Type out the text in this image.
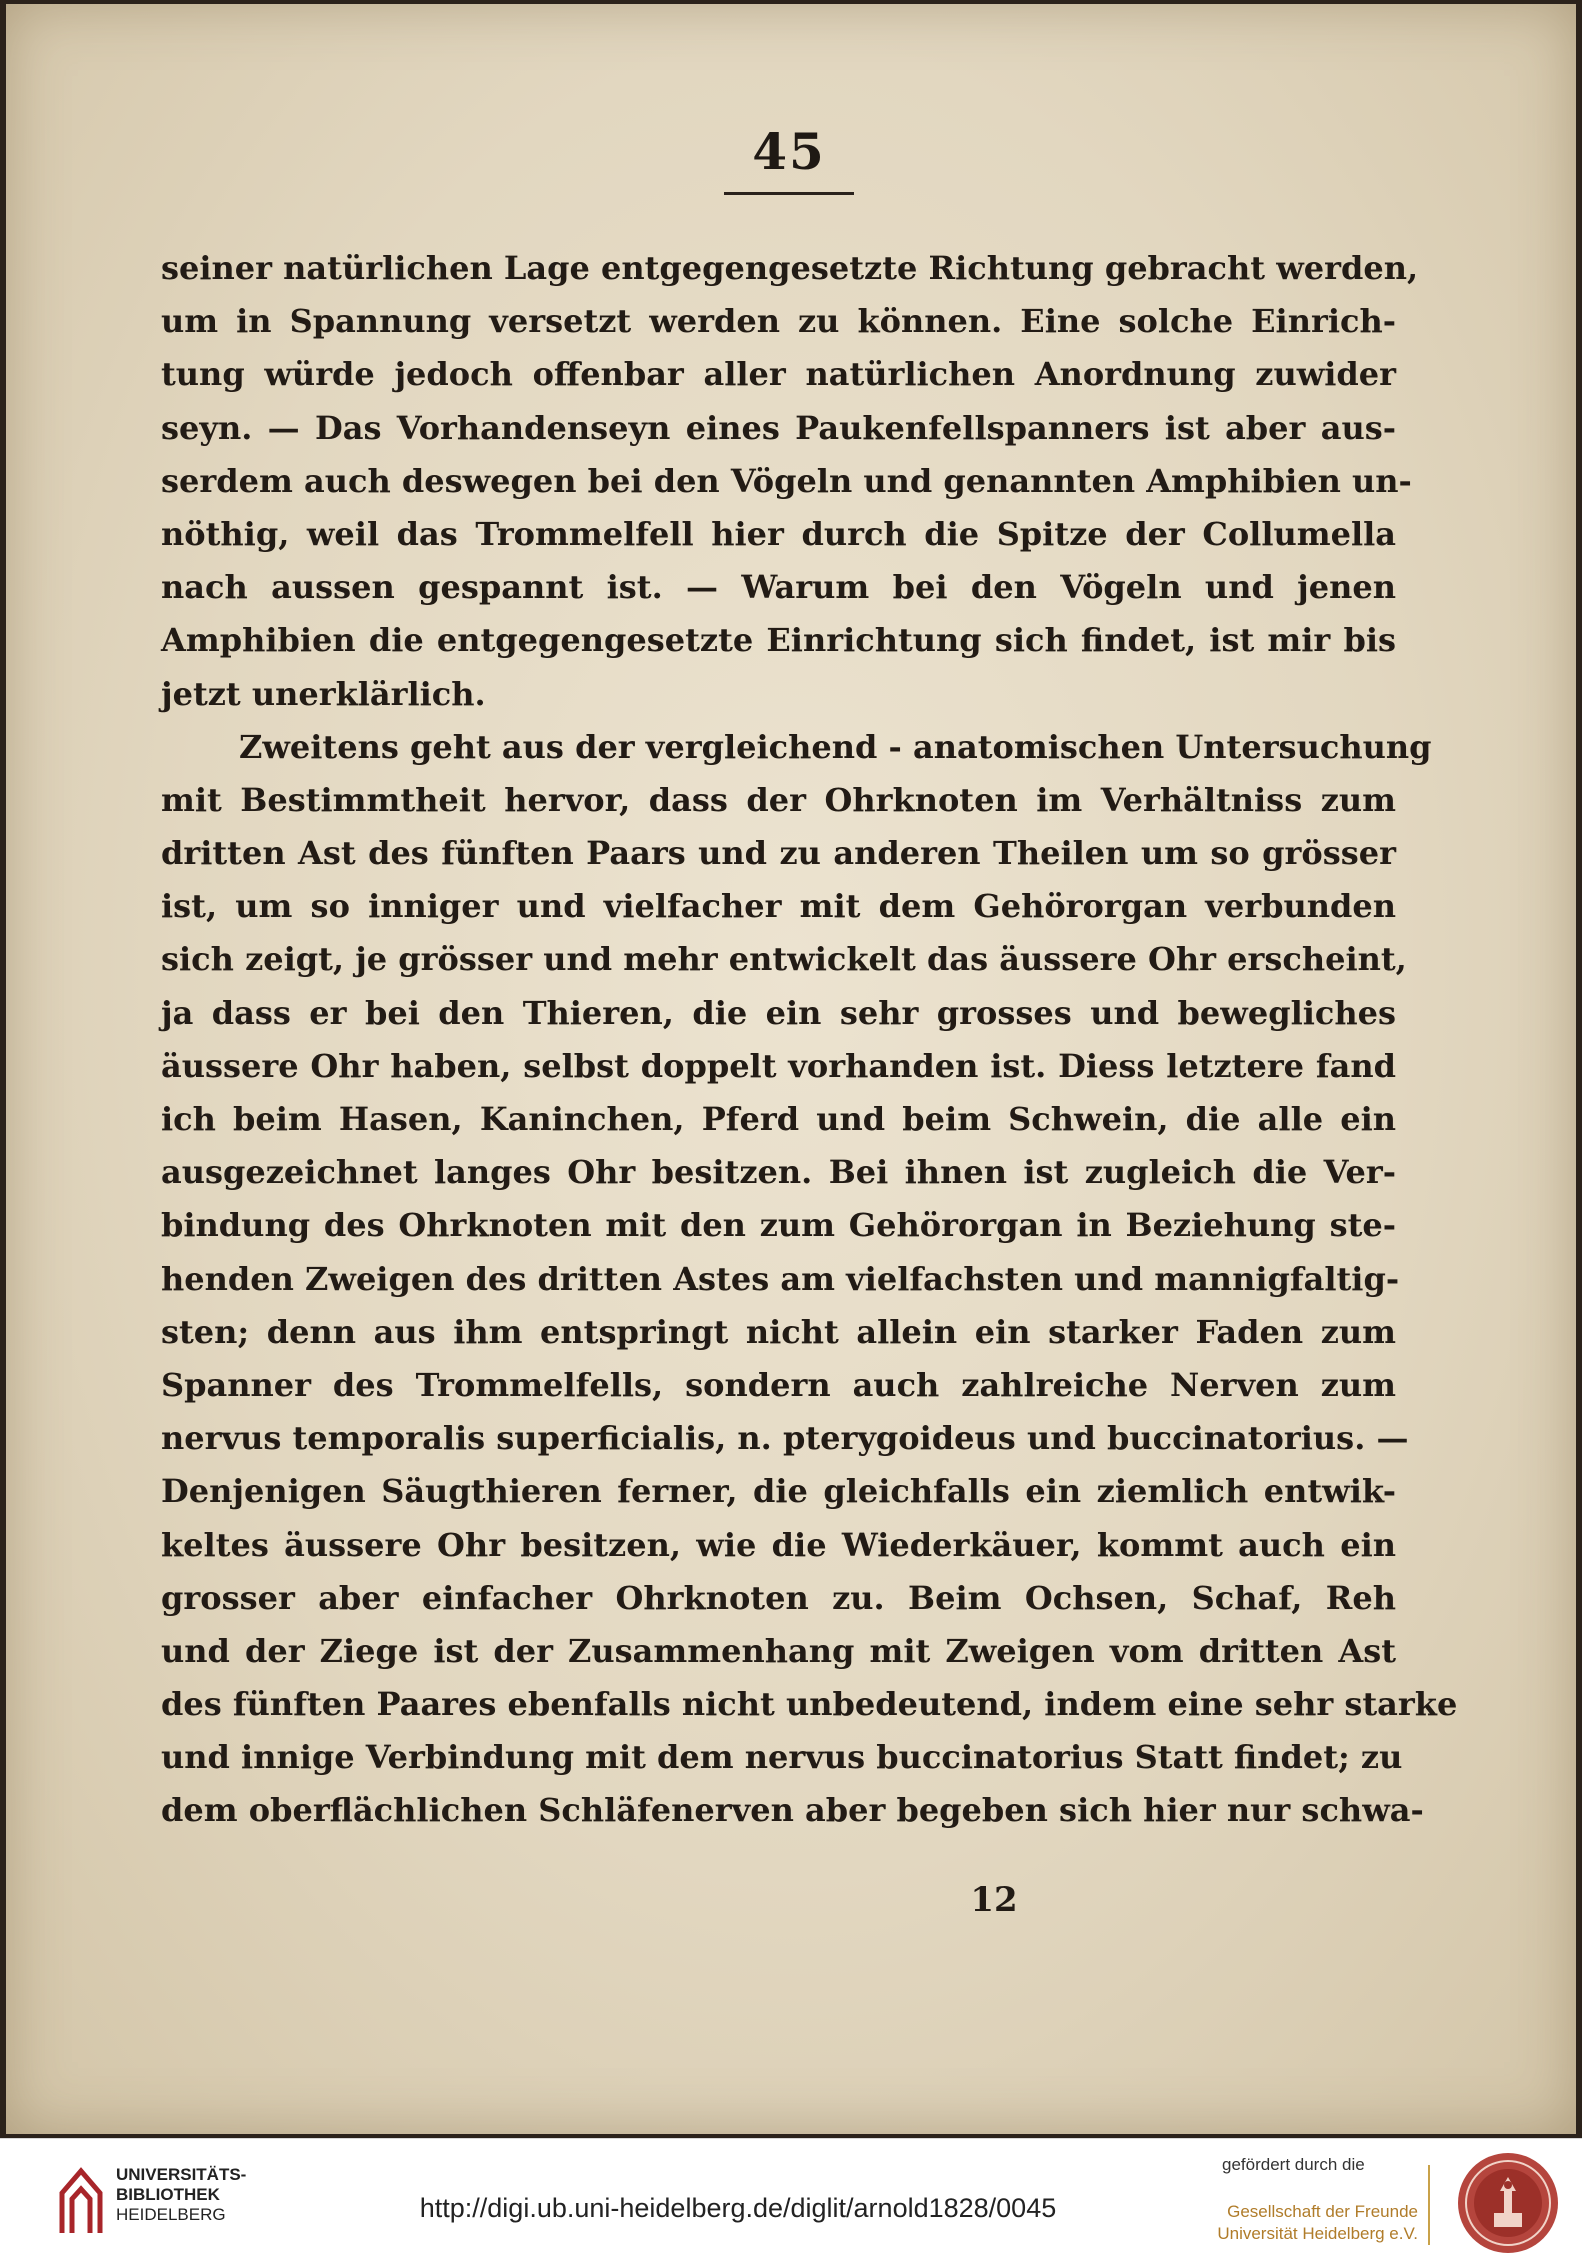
45
seiner natürlichen Lage entgegengesetzte Richtung gebracht werden,
um in Spannung versetzt werden zu können. Eine solche Einrich-
tung würde jedoch offenbar aller natürlichen Anordnung zuwider
seyn. — Das Vorhandenseyn eines Paukenfellspanners ist aber aus-
serdem auch deswegen bei den Vögeln und genannten Amphibien un-
nöthig, weil das Trommelfell hier durch die Spitze der Collumella
nach aussen gespannt ist. — Warum bei den Vögeln und jenen
Amphibien die entgegengesetzte Einrichtung sich findet, ist mir bis
jetzt unerklärlich.
Zweitens geht aus der vergleichend - anatomischen Untersuchung
mit Bestimmtheit hervor, dass der Ohrknoten im Verhältniss zum
dritten Ast des fünften Paars und zu anderen Theilen um so grösser
ist, um so inniger und vielfacher mit dem Gehörorgan verbunden
sich zeigt, je grösser und mehr entwickelt das äussere Ohr erscheint,
ja dass er bei den Thieren, die ein sehr grosses und bewegliches
äussere Ohr haben, selbst doppelt vorhanden ist. Diess letztere fand
ich beim Hasen, Kaninchen, Pferd und beim Schwein, die alle ein
ausgezeichnet langes Ohr besitzen. Bei ihnen ist zugleich die Ver-
bindung des Ohrknoten mit den zum Gehörorgan in Beziehung ste-
henden Zweigen des dritten Astes am vielfachsten und mannigfaltig-
sten; denn aus ihm entspringt nicht allein ein starker Faden zum
Spanner des Trommelfells, sondern auch zahlreiche Nerven zum
nervus temporalis superficialis, n. pterygoideus und buccinatorius. —
Denjenigen Säugthieren ferner, die gleichfalls ein ziemlich entwik-
keltes äussere Ohr besitzen, wie die Wiederkäuer, kommt auch ein
grosser aber einfacher Ohrknoten zu. Beim Ochsen, Schaf, Reh
und der Ziege ist der Zusammenhang mit Zweigen vom dritten Ast
des fünften Paares ebenfalls nicht unbedeutend, indem eine sehr starke
und innige Verbindung mit dem nervus buccinatorius Statt findet; zu
dem oberflächlichen Schläfenerven aber begeben sich hier nur schwa-
12
UNIVERSITÄTS-
BIBLIOTHEK
HEIDELBERG	http://digi.ub.uni-heidelberg.de/diglit/arnold1828/0045
gefördert durch die
Gesellschaft der Freunde
Universität Heidelberg e.V.
